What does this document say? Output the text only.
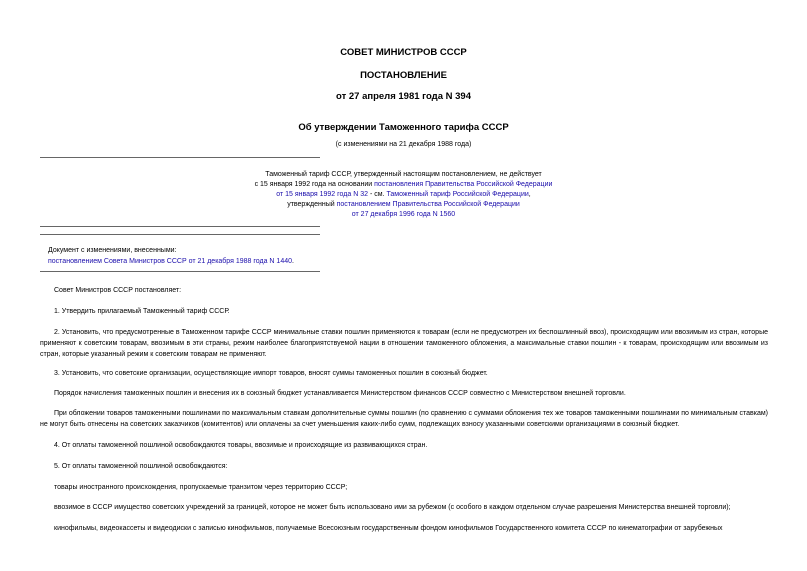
СОВЕТ МИНИСТРОВ СССР
ПОСТАНОВЛЕНИЕ
от 27 апреля 1981 года N 394
Об утверждении Таможенного тарифа СССР
(с изменениями на 21 декабря 1988 года)
Таможенный тариф СССР, утвержденный настоящим постановлением, не действует
с 15 января 1992 года на основании постановления Правительства Российской Федерации
от 15 января 1992 года N 32 - см. Таможенный тариф Российской Федерации,
утвержденный постановлением Правительства Российской Федерации
от 27 декабря 1996 года N 1560
Документ с изменениями, внесенными:
постановлением Совета Министров СССР от 21 декабря 1988 года N 1440.

Совет Министров СССР постановляет:

1. Утвердить прилагаемый Таможенный тариф СССР.

2. Установить, что предусмотренные в Таможенном тарифе СССР минимальные ставки пошлин применяются к товарам (если не предусмотрен их беспошлинный ввоз), происходящим или ввозимым из стран, которые применяют к советским товарам, ввозимым в эти страны, режим наиболее благоприятствуемой нации в отношении таможенного обложения, а максимальные ставки пошлин - к товарам, происходящим или ввозимым из стран, которые указанный режим к советским товарам не применяют.

3. Установить, что советские организации, осуществляющие импорт товаров, вносят суммы таможенных пошлин в союзный бюджет.

Порядок начисления таможенных пошлин и внесения их в союзный бюджет устанавливается Министерством финансов СССР совместно с Министерством внешней торговли.

При обложении товаров таможенными пошлинами по максимальным ставкам дополнительные суммы пошлин (по сравнению с суммами обложения тех же товаров таможенными пошлинами по минимальным ставкам) не могут быть отнесены на советских заказчиков (комитентов) или оплачены за счет уменьшения каких-либо сумм, подлежащих взносу указанными советскими организациями в союзный бюджет.

4. От оплаты таможенной пошлиной освобождаются товары, ввозимые и происходящие из развивающихся стран.

5. От оплаты таможенной пошлиной освобождаются:

товары иностранного происхождения, пропускаемые транзитом через территорию СССР;

ввозимое в СССР имущество советских учреждений за границей, которое не может быть использовано ими за рубежом (с особого в каждом отдельном случае разрешения Министерства внешней торговли);

кинофильмы, видеокассеты и видеодиски с записью кинофильмов, получаемые Всесоюзным государственным фондом кинофильмов Государственного комитета СССР по кинематографии от зарубежных
